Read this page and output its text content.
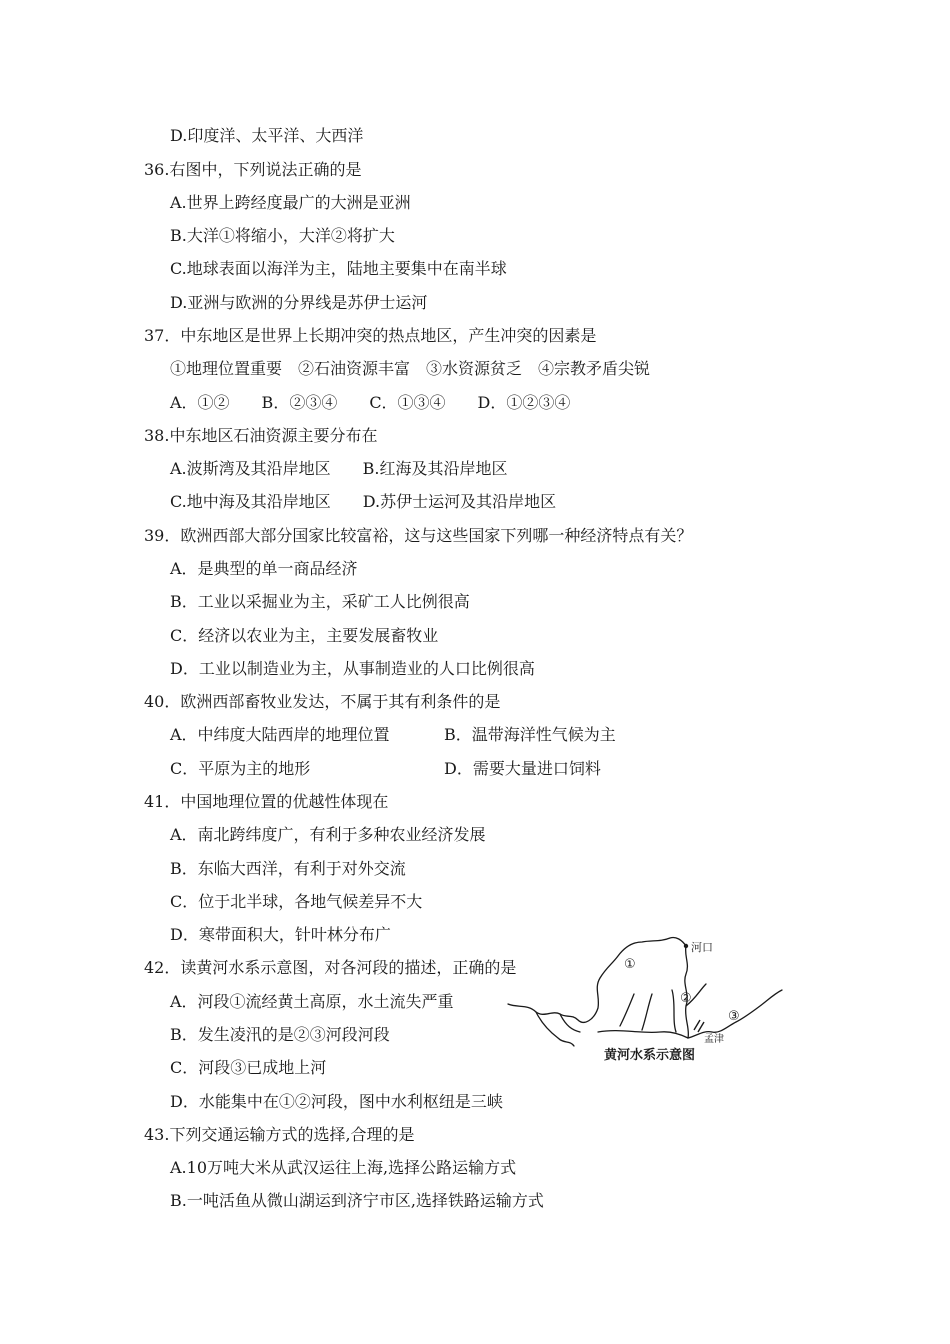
D.印度洋、太平洋、大西洋
36.右图中，下列说法正确的是
A.世界上跨经度最广的大洲是亚洲
B.大洋①将缩小，大洋②将扩大
C.地球表面以海洋为主，陆地主要集中在南半球
D.亚洲与欧洲的分界线是苏伊士运河
37．中东地区是世界上长期冲突的热点地区，产生冲突的因素是
①地理位置重要　②石油资源丰富　③水资源贫乏　④宗教矛盾尖锐
A．①②　　B．②③④　　C．①③④　　D．①②③④
38.中东地区石油资源主要分布在
A.波斯湾及其沿岸地区　　B.红海及其沿岸地区
C.地中海及其沿岸地区　　D.苏伊士运河及其沿岸地区
39．欧洲西部大部分国家比较富裕，这与这些国家下列哪一种经济特点有关？
A．是典型的单一商品经济
B．工业以采掘业为主，采矿工人比例很高
C．经济以农业为主，主要发展畜牧业
D．工业以制造业为主，从事制造业的人口比例很高
40．欧洲西部畜牧业发达，不属于其有利条件的是
A．中纬度大陆西岸的地理位置	B．温带海洋性气候为主
C．平原为主的地形	D．需要大量进口饲料
41．中国地理位置的优越性体现在
A．南北跨纬度广，有利于多种农业经济发展
B．东临大西洋，有利于对外交流
C．位于北半球，各地气候差异不大
D．寒带面积大，针叶林分布广
42．读黄河水系示意图，对各河段的描述，正确的是
A．河段①流经黄土高原，水土流失严重
B．发生凌汛的是②③河段河段
C．河段③已成地上河
D．水能集中在①②河段，图中水利枢纽是三峡
43.下列交通运输方式的选择,合理的是
A.10万吨大米从武汉运往上海,选择公路运输方式
B.一吨活鱼从微山湖运到济宁市区,选择铁路运输方式
①
②
③
河口
孟津
黄河水系示意图
